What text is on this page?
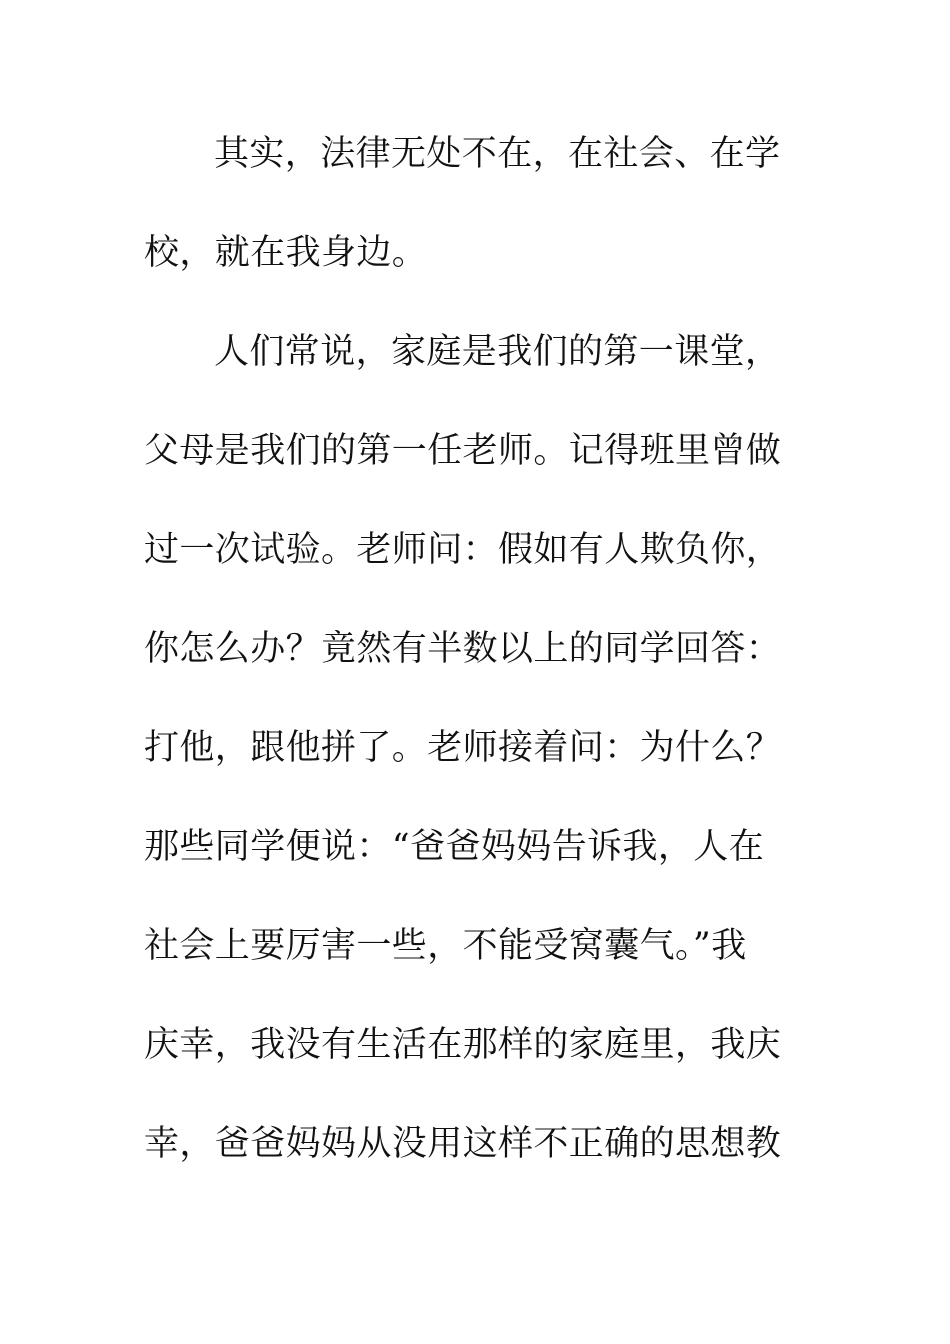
其实，法律无处不在，在社会、在学

校，就在我身边。

人们常说，家庭是我们的第一课堂，

父母是我们的第一任老师。记得班里曾做

过一次试验。老师问：假如有人欺负你，

你怎么办？竟然有半数以上的同学回答：

打他，跟他拼了。老师接着问：为什么？

那些同学便说：“爸爸妈妈告诉我，人在

社会上要厉害一些，不能受窝囊气。”我

庆幸，我没有生活在那样的家庭里，我庆

幸，爸爸妈妈从没用这样不正确的思想教
